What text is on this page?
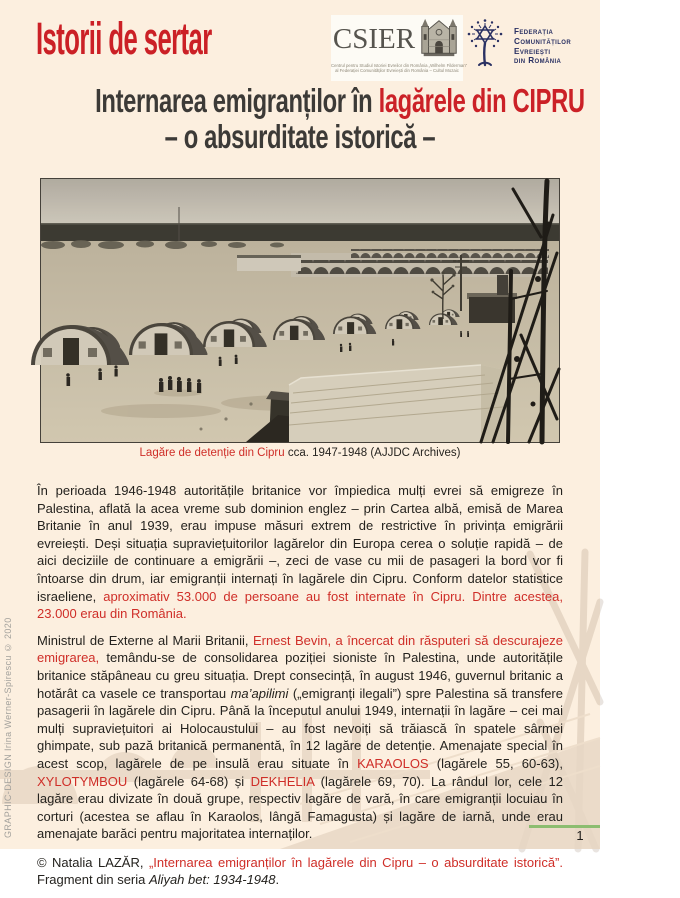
Istorii de sertar	CSIER
Centrul pentru Studiul Istoriei Evreilor din România „Wilhelm Filderman”
al Federației Comunităților Evreiești din România – Cultul Mozaic
Federația
Comunităților
Evreiești
din România
Internarea emigranților în lagărele din CIPRU
– o absurditate istorică –
Lagăre de detenție din Cipru cca. 1947-1948 (AJJDC Archives)

În perioada 1946-1948 autoritățile britanice vor împiedica mulți evrei să emigreze în Palestina, aflată la acea vreme sub dominion englez – prin Cartea albă, emisă de Marea Britanie în anul 1939, erau impuse măsuri extrem de restrictive în privința emigrării evreiești. Deși situația supraviețuitorilor lagărelor din Europa cerea o soluție rapidă – de aici deciziile de continuare a emigrării –, zeci de vase cu mii de pasageri la bord vor fi întoarse din drum, iar emigranții internați în lagărele din Cipru. Conform datelor statistice israeliene, aproximativ 53.000 de persoane au fost internate în Cipru. Dintre acestea, 23.000 erau din România.

Ministrul de Externe al Marii Britanii, Ernest Bevin, a încercat din răsputeri să descurajeze emigrarea, temându-se de consolidarea poziției sioniste în Palestina, unde autoritățile britanice stăpâneau cu greu situația. Drept consecință, în august 1946, guvernul britanic a hotărât ca vasele ce transportau ma’apilimi („emigranți ilegali”) spre Palestina să transfere pasagerii în lagărele din Cipru. Până la începutul anului 1949, internații în lagăre – cei mai mulți supraviețuitori ai Holocaustului – au fost nevoiți să trăiască în spatele sârmei ghimpate, sub pază britanică permanentă, în 12 lagăre de detenție. Amenajate special în acest scop, lagărele de pe insulă erau situate în KARAOLOS (lagărele 55, 60-63), XYLOTYMBOU (lagărele 64-68) și DEKHELIA (lagărele 69, 70). La rândul lor, cele 12 lagăre erau divizate în două grupe, respectiv lagăre de vară, în care emigranții locuiau în corturi (acestea se aflau în Karaolos, lângă Famagusta) și lagăre de iarnă, unde erau amenajate barăci pentru majoritatea internaților.

© Natalia LAZĂR, „Internarea emigranților în lagărele din Cipru – o absurditate istorică”. Fragment din seria Aliyah bet: 1934-1948.

GRAPHIC-DESIGN Irina Werner-Spirescu © 2020	1
